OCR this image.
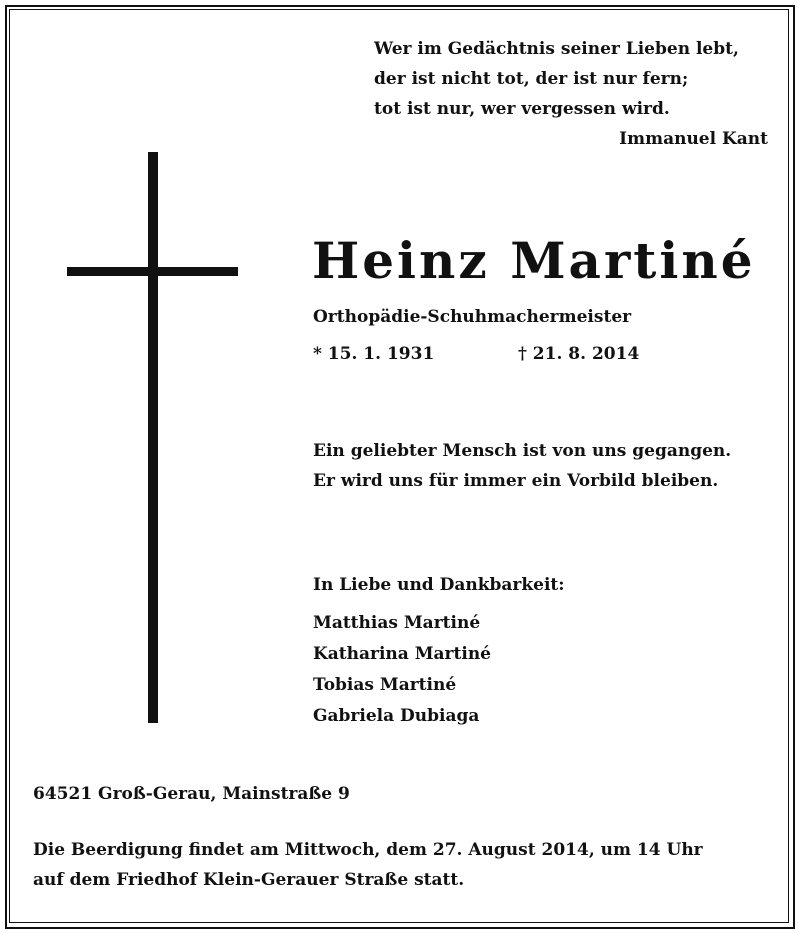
Wer im Gedächtnis seiner Lieben lebt,
der ist nicht tot, der ist nur fern;
tot ist nur, wer vergessen wird.
Immanuel Kant
Heinz Martiné
Orthopädie-Schuhmachermeister
* 15. 1. 1931	† 21. 8. 2014
Ein geliebter Mensch ist von uns gegangen.
Er wird uns für immer ein Vorbild bleiben.
In Liebe und Dankbarkeit:
Matthias Martiné
Katharina Martiné
Tobias Martiné
Gabriela Dubiaga
64521 Groß-Gerau, Mainstraße 9
Die Beerdigung findet am Mittwoch, dem 27. August 2014, um 14 Uhr
auf dem Friedhof Klein-Gerauer Straße statt.
